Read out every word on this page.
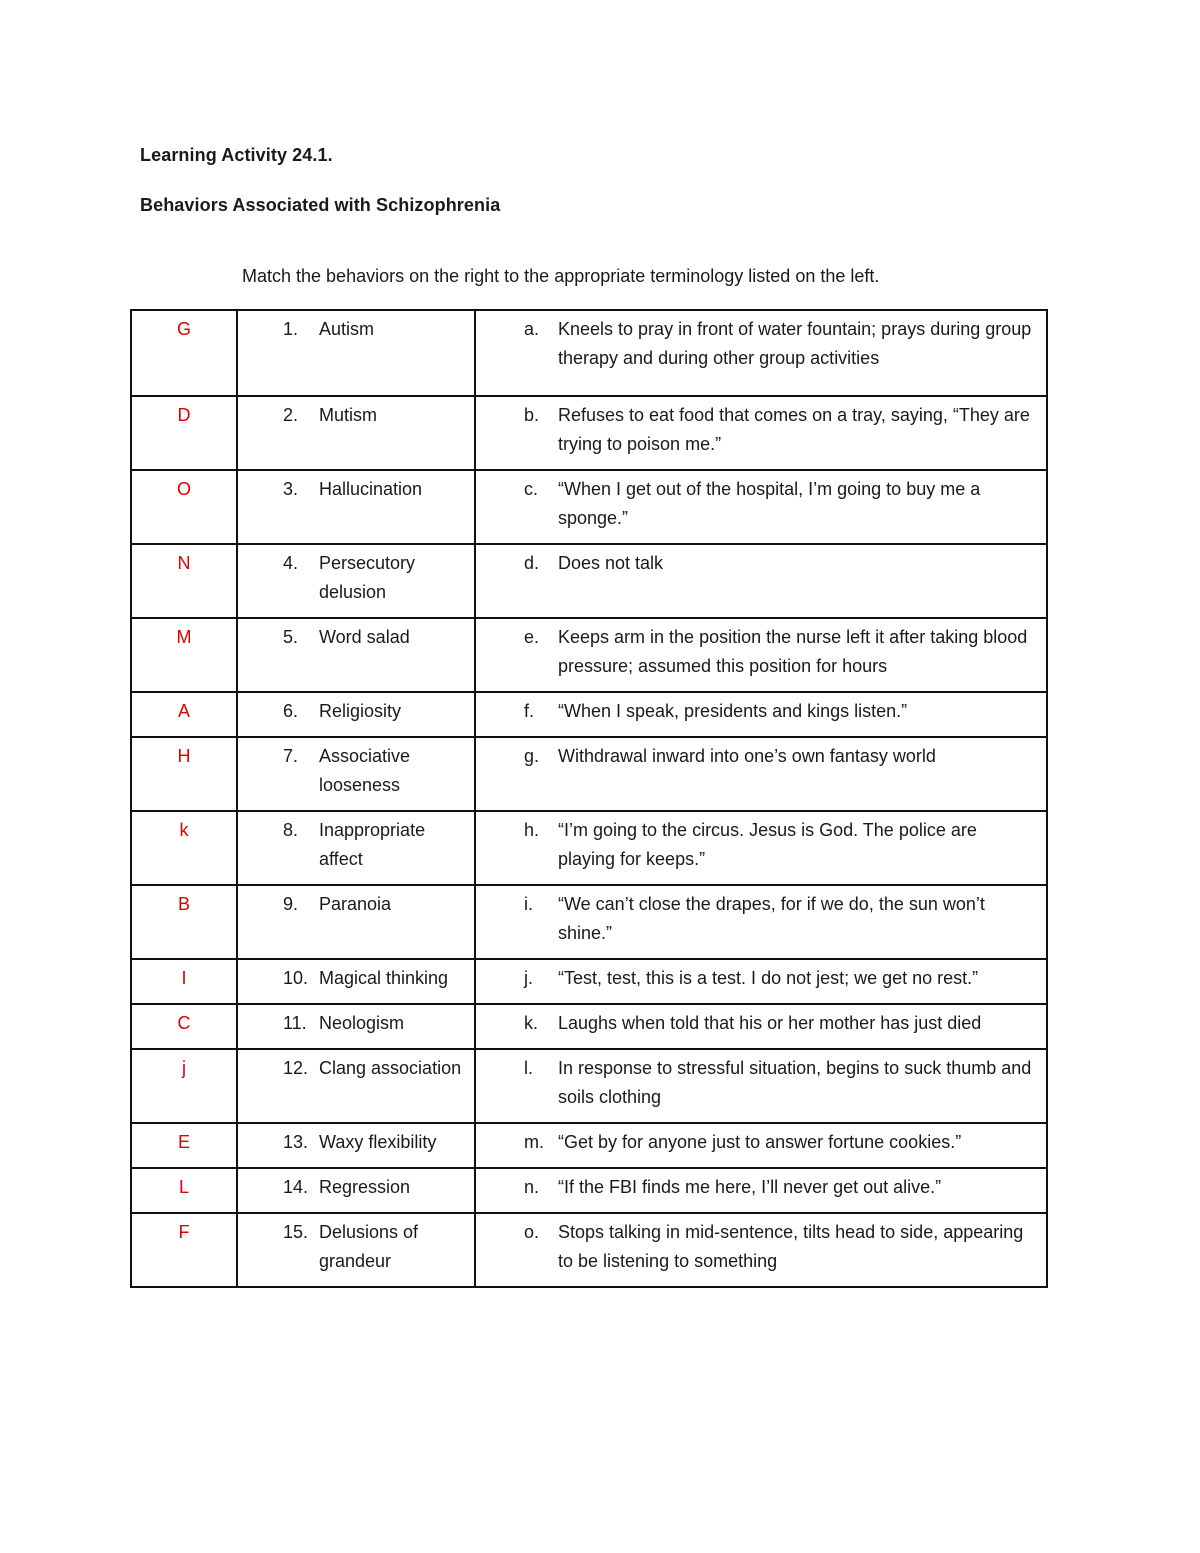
Learning Activity 24.1.
Behaviors Associated with Schizophrenia
Match the behaviors on the right to the appropriate terminology listed on the left.
G	1. Autism	a. Kneels to pray in front of water fountain; prays during group therapy and during other group activities

D	2. Mutism	b. Refuses to eat food that comes on a tray, saying, “They are trying to poison me.”

O	3. Hallucination	c. “When I get out of the hospital, I’m going to buy me a sponge.”

N	4. Persecutory delusion	d. Does not talk

M	5. Word salad	e. Keeps arm in the position the nurse left it after taking blood pressure; assumed this position for hours

A	6. Religiosity	f. “When I speak, presidents and kings listen.”

H	7. Associative looseness	g. Withdrawal inward into one’s own fantasy world

k	8. Inappropriate affect	h. “I’m going to the circus. Jesus is God. The police are playing for keeps.”

B	9. Paranoia	i. “We can’t close the drapes, for if we do, the sun won’t shine.”

I	10. Magical thinking	j. “Test, test, this is a test. I do not jest; we get no rest.”

C	11. Neologism	k. Laughs when told that his or her mother has just died

j	12. Clang association	l. In response to stressful situation, begins to suck thumb and soils clothing

E	13. Waxy flexibility	m. “Get by for anyone just to answer fortune cookies.”

L	14. Regression	n. “If the FBI finds me here, I’ll never get out alive.”

F	15. Delusions of grandeur	o. Stops talking in mid-sentence, tilts head to side, appearing to be listening to something
